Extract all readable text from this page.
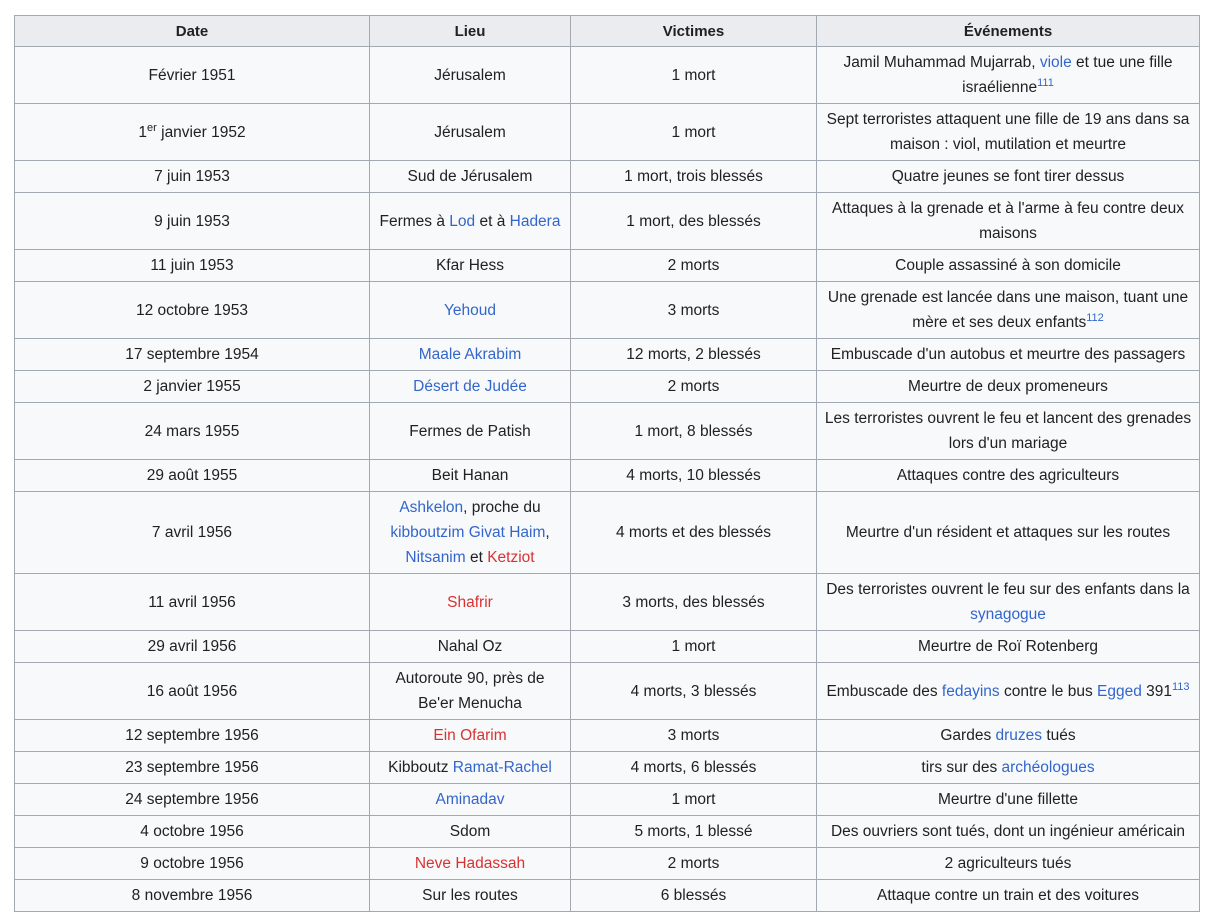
Date	Lieu	Victimes	Événements
Février 1951	Jérusalem	1 mort	Jamil Muhammad Mujarrab, viole et tue une fille israélienne$^{111}$
1er janvier 1952	Jérusalem	1 mort	Sept terroristes attaquent une fille de 19 ans dans sa maison : viol, mutilation et meurtre
7 juin 1953	Sud de Jérusalem	1 mort, trois blessés	Quatre jeunes se font tirer dessus
9 juin 1953	Fermes à Lod et à Hadera	1 mort, des blessés	Attaques à la grenade et à l'arme à feu contre deux maisons
11 juin 1953	Kfar Hess	2 morts	Couple assassiné à son domicile
12 octobre 1953	Yehoud	3 morts	Une grenade est lancée dans une maison, tuant une mère et ses deux enfants$^{112}$
17 septembre 1954	Maale Akrabim	12 morts, 2 blessés	Embuscade d'un autobus et meurtre des passagers
2 janvier 1955	Désert de Judée	2 morts	Meurtre de deux promeneurs
24 mars 1955	Fermes de Patish	1 mort, 8 blessés	Les terroristes ouvrent le feu et lancent des grenades lors d'un mariage
29 août 1955	Beit Hanan	4 morts, 10 blessés	Attaques contre des agriculteurs
7 avril 1956	Ashkelon, proche du kibboutzim Givat Haim, Nitsanim et Ketziot	4 morts et des blessés	Meurtre d'un résident et attaques sur les routes
11 avril 1956	Shafrir	3 morts, des blessés	Des terroristes ouvrent le feu sur des enfants dans la synagogue
29 avril 1956	Nahal Oz	1 mort	Meurtre de Roï Rotenberg
16 août 1956	Autoroute 90, près de Be'er Menucha	4 morts, 3 blessés	Embuscade des fedayins contre le bus Egged 391$^{113}$
12 septembre 1956	Ein Ofarim	3 morts	Gardes druzes tués
23 septembre 1956	Kibboutz Ramat-Rachel	4 morts, 6 blessés	tirs sur des archéologues
24 septembre 1956	Aminadav	1 mort	Meurtre d'une fillette
4 octobre 1956	Sdom	5 morts, 1 blessé	Des ouvriers sont tués, dont un ingénieur américain
9 octobre 1956	Neve Hadassah	2 morts	2 agriculteurs tués
8 novembre 1956	Sur les routes	6 blessés	Attaque contre un train et des voitures
